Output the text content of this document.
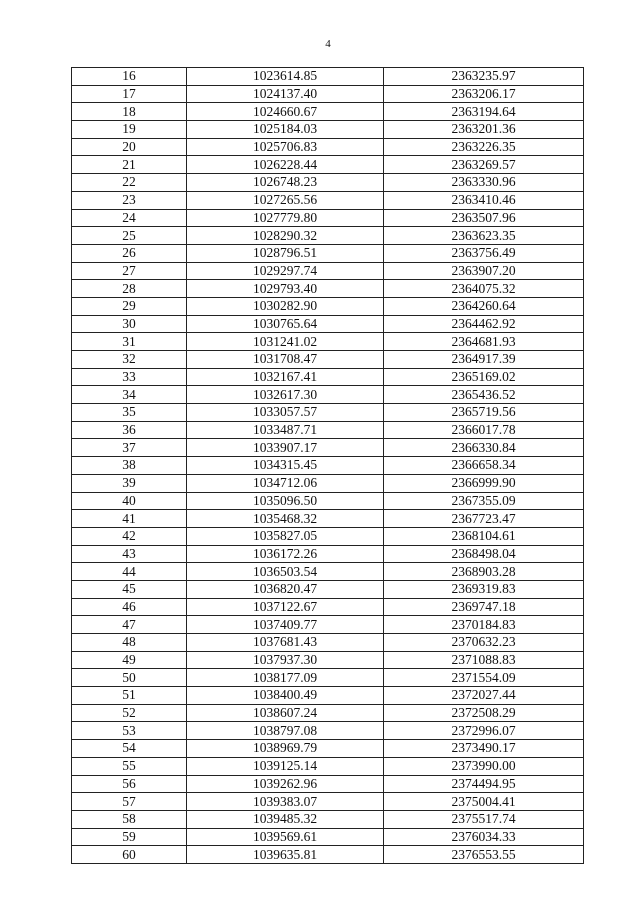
4
16	1023614.85	2363235.97
17	1024137.40	2363206.17
18	1024660.67	2363194.64
19	1025184.03	2363201.36
20	1025706.83	2363226.35
21	1026228.44	2363269.57
22	1026748.23	2363330.96
23	1027265.56	2363410.46
24	1027779.80	2363507.96
25	1028290.32	2363623.35
26	1028796.51	2363756.49
27	1029297.74	2363907.20
28	1029793.40	2364075.32
29	1030282.90	2364260.64
30	1030765.64	2364462.92
31	1031241.02	2364681.93
32	1031708.47	2364917.39
33	1032167.41	2365169.02
34	1032617.30	2365436.52
35	1033057.57	2365719.56
36	1033487.71	2366017.78
37	1033907.17	2366330.84
38	1034315.45	2366658.34
39	1034712.06	2366999.90
40	1035096.50	2367355.09
41	1035468.32	2367723.47
42	1035827.05	2368104.61
43	1036172.26	2368498.04
44	1036503.54	2368903.28
45	1036820.47	2369319.83
46	1037122.67	2369747.18
47	1037409.77	2370184.83
48	1037681.43	2370632.23
49	1037937.30	2371088.83
50	1038177.09	2371554.09
51	1038400.49	2372027.44
52	1038607.24	2372508.29
53	1038797.08	2372996.07
54	1038969.79	2373490.17
55	1039125.14	2373990.00
56	1039262.96	2374494.95
57	1039383.07	2375004.41
58	1039485.32	2375517.74
59	1039569.61	2376034.33
60	1039635.81	2376553.55
